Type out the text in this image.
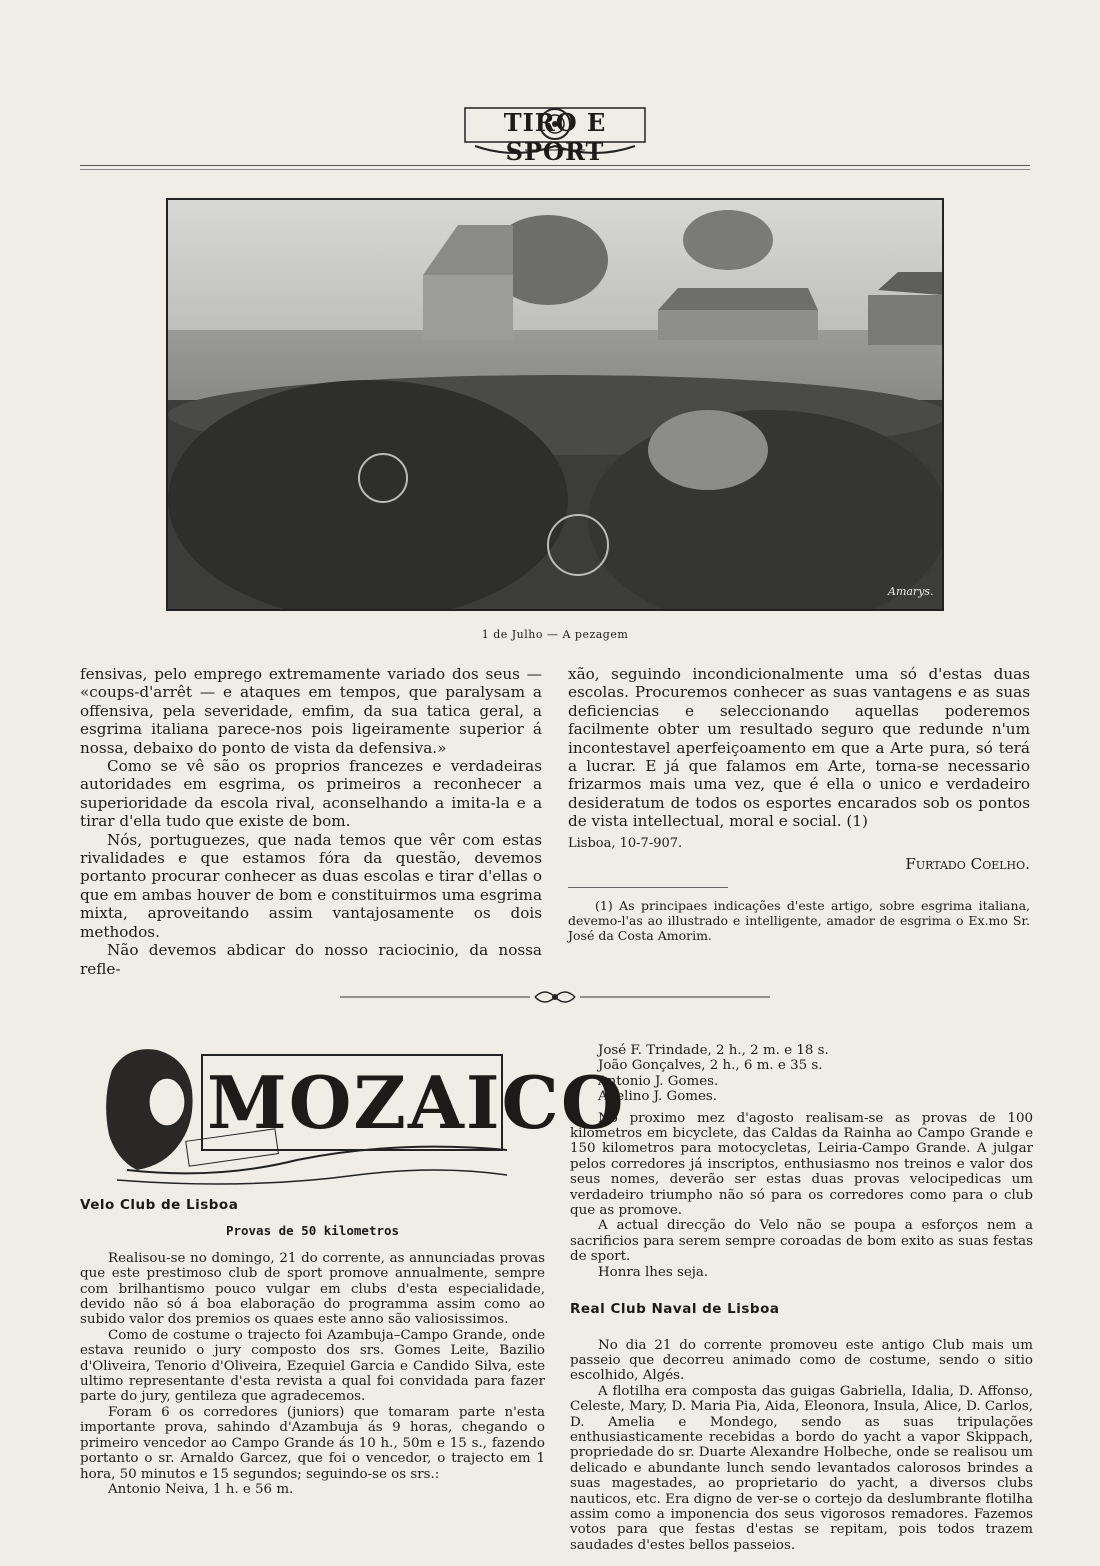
TIRO E SPORT
Amarys.
1 de Julho — A pezagem

fensivas, pelo emprego extremamente variado dos seus — «coups-d'arrêt — e ataques em tempos, que paralysam a offensiva, pela severidade, emfim, da sua tatica geral, a esgrima italiana parece-nos pois ligeiramente superior á nossa, debaixo do ponto de vista da defensiva.»

Como se vê são os proprios francezes e verdadeiras autoridades em esgrima, os primeiros a reconhecer a superioridade da escola rival, aconselhando a imita-la e a tirar d'ella tudo que existe de bom.

Nós, portuguezes, que nada temos que vêr com estas rivalidades e que estamos fóra da questão, devemos portanto procurar conhecer as duas escolas e tirar d'ellas o que em ambas houver de bom e constituirmos uma esgrima mixta, aproveitando assim vantajosamente os dois methodos.

Não devemos abdicar do nosso raciocinio, da nossa refle-

xão, seguindo incondicionalmente uma só d'estas duas escolas. Procuremos conhecer as suas vantagens e as suas deficiencias e seleccionando aquellas poderemos facilmente obter um resultado seguro que redunde n'um incontestavel aperfeiçoamento em que a Arte pura, só terá a lucrar. E já que falamos em Arte, torna-se necessario frizarmos mais uma vez, que é ella o unico e verdadeiro desideratum de todos os esportes encarados sob os pontos de vista intellectual, moral e social. (1)

Lisboa, 10-7-907.

Furtado Coelho.

(1) As principaes indicações d'este artigo, sobre esgrima italiana, devemo-l'as ao illustrado e intelligente, amador de esgrima o Ex.mo Sr. José da Costa Amorim.

MOZAICO

Velo Club de Lisboa

Provas de 50 kilometros

Realisou-se no domingo, 21 do corrente, as annunciadas provas que este prestimoso club de sport promove annualmente, sempre com brilhantismo pouco vulgar em clubs d'esta especialidade, devido não só á boa elaboração do programma assim como ao subido valor dos premios os quaes este anno são valiosissimos.

Como de costume o trajecto foi Azambuja–Campo Grande, onde estava reunido o jury composto dos srs. Gomes Leite, Bazilio d'Oliveira, Tenorio d'Oliveira, Ezequiel Garcia e Candido Silva, este ultimo representante d'esta revista a qual foi convidada para fazer parte do jury, gentileza que agradecemos.

Foram 6 os corredores (juniors) que tomaram parte n'esta importante prova, sahindo d'Azambuja ás 9 horas, chegando o primeiro vencedor ao Campo Grande ás 10 h., 50m e 15 s., fazendo portanto o sr. Arnaldo Garcez, que foi o vencedor, o trajecto em 1 hora, 50 minutos e 15 segundos; seguindo-se os srs.:

Antonio Neiva, 1 h. e 56 m.

José F. Trindade, 2 h., 2 m. e 18 s.

João Gonçalves, 2 h., 6 m. e 35 s.

Antonio J. Gomes.

Adelino J. Gomes.

No proximo mez d'agosto realisam-se as provas de 100 kilometros em bicyclete, das Caldas da Rainha ao Campo Grande e 150 kilometros para motocycletas, Leiria-Campo Grande. A julgar pelos corredores já inscriptos, enthusiasmo nos treinos e valor dos seus nomes, deverão ser estas duas provas velocipedicas um verdadeiro triumpho não só para os corredores como para o club que as promove.

A actual direcção do Velo não se poupa a esforços nem a sacrificios para serem sempre coroadas de bom exito as suas festas de sport.

Honra lhes seja.

Real Club Naval de Lisboa

No dia 21 do corrente promoveu este antigo Club mais um passeio que decorreu animado como de costume, sendo o sitio escolhido, Algés.

A flotilha era composta das guigas Gabriella, Idalia, D. Affonso, Celeste, Mary, D. Maria Pia, Aida, Eleonora, Insula, Alice, D. Carlos, D. Amelia e Mondego, sendo as suas tripulações enthusiasticamente recebidas a bordo do yacht a vapor Skippach, propriedade do sr. Duarte Alexandre Holbeche, onde se realisou um delicado e abundante lunch sendo levantados calorosos brindes a suas magestades, ao proprietario do yacht, a diversos clubs nauticos, etc. Era digno de ver-se o cortejo da deslumbrante flotilha assim como a imponencia dos seus vigorosos remadores. Fazemos votos para que festas d'estas se repitam, pois todos trazem saudades d'estes bellos passeios.
